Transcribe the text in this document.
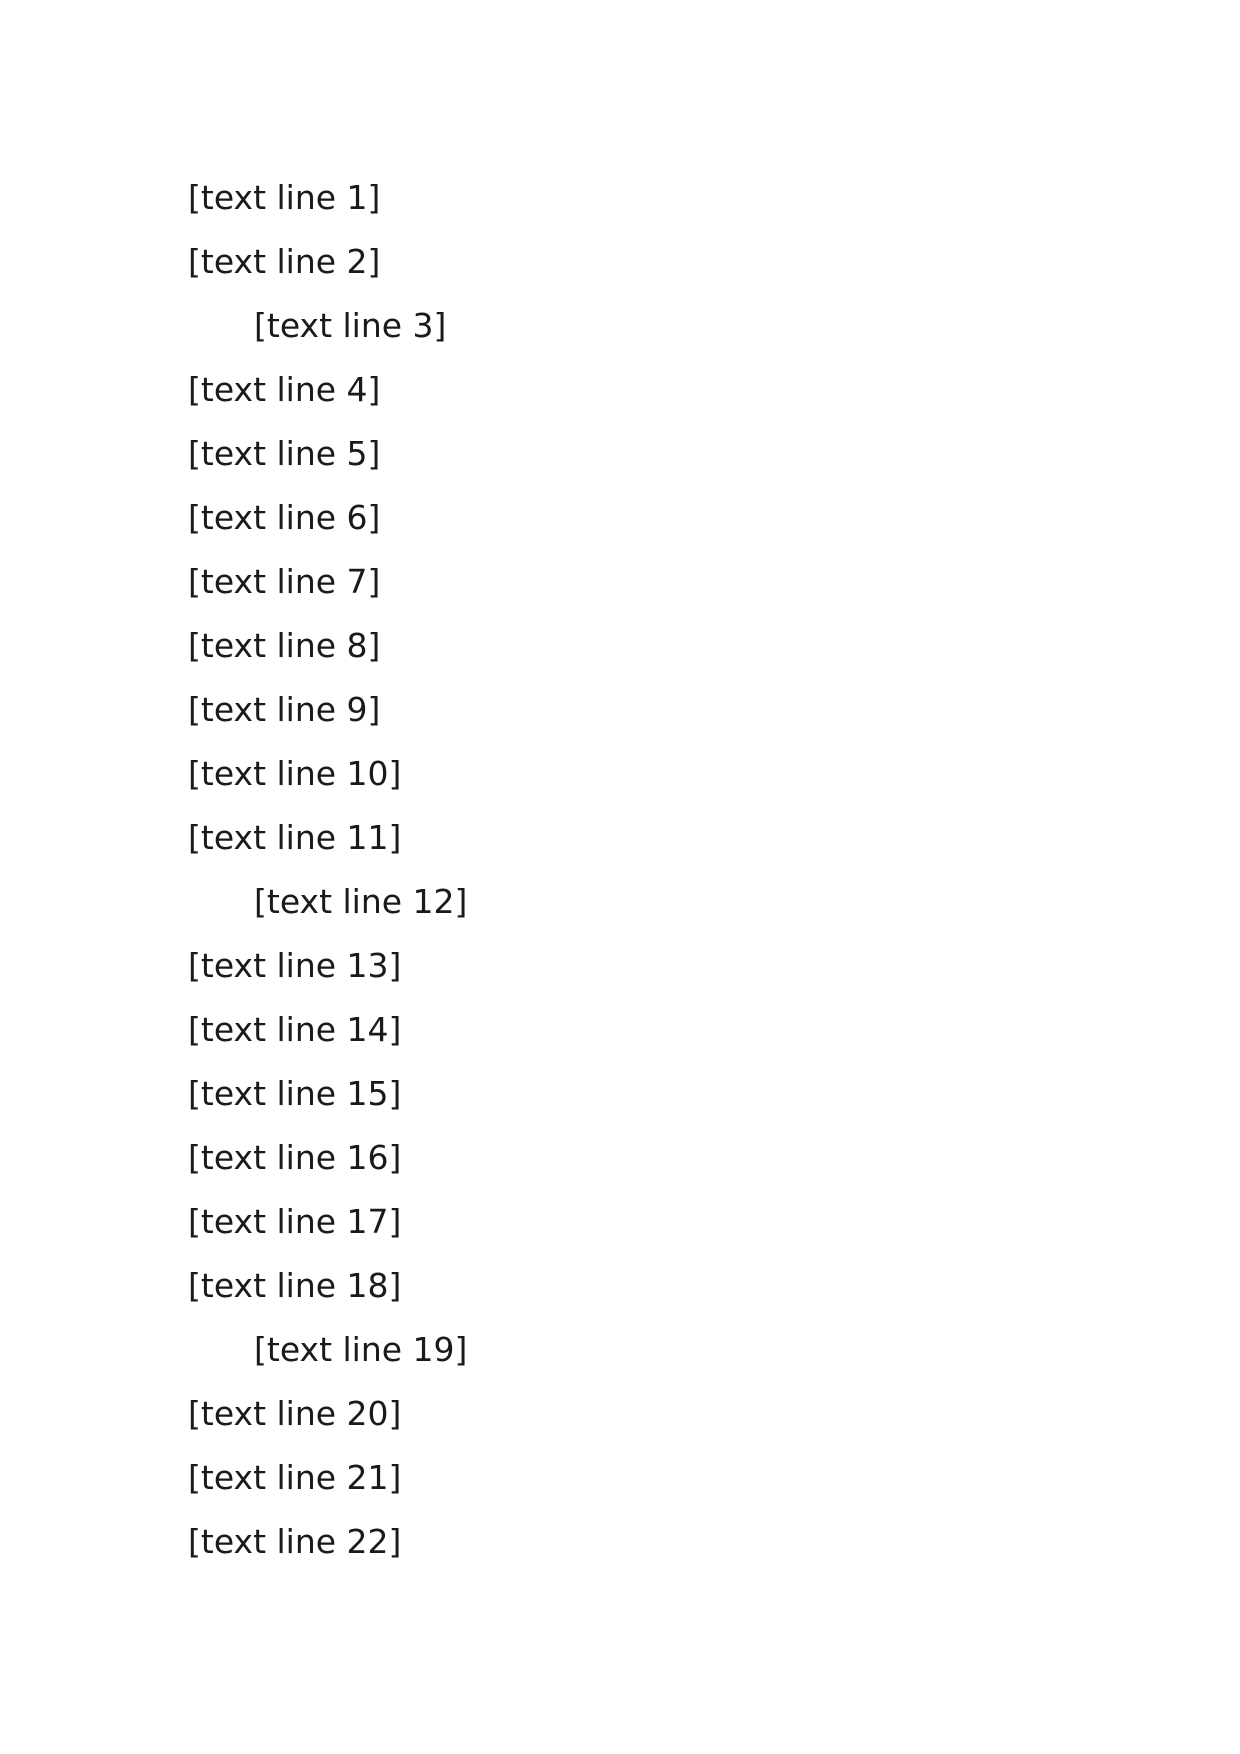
[text line 1]
[text line 2]
[text line 3]
[text line 4]
[text line 5]
[text line 6]
[text line 7]
[text line 8]
[text line 9]
[text line 10]
[text line 11]
[text line 12]
[text line 13]
[text line 14]
[text line 15]
[text line 16]
[text line 17]
[text line 18]
[text line 19]
[text line 20]
[text line 21]
[text line 22]
